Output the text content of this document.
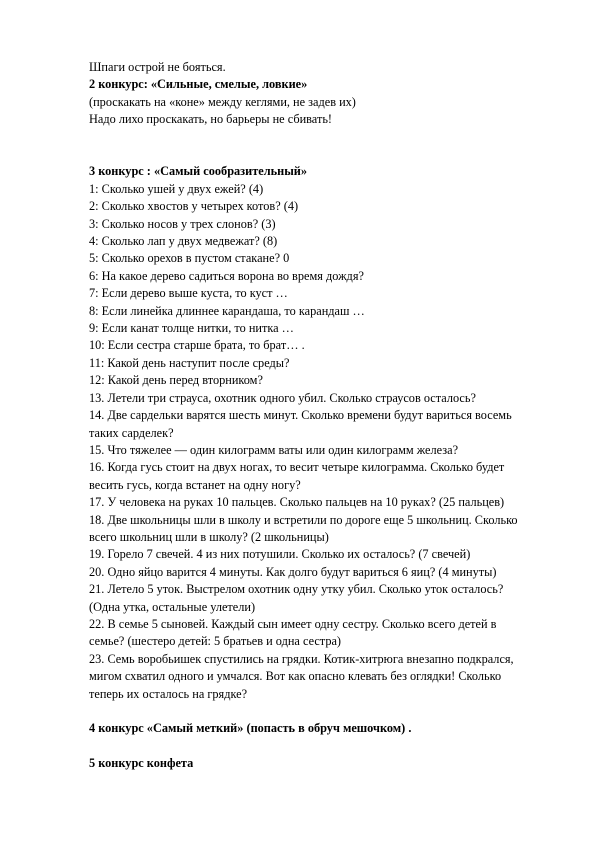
Шпаги острой не бояться.
2 конкурс: «Сильные, смелые, ловкие»
(проскакать на «коне» между кеглями, не задев их)
Надо лихо проскакать, но барьеры не сбивать!
3 конкурс : «Самый сообразительный»
1: Сколько ушей у двух ежей? (4)
2: Сколько хвостов у четырех котов? (4)
3: Сколько носов у трех слонов? (3)
4: Сколько лап у двух медвежат? (8)
5: Сколько орехов в пустом стакане? 0
6: На какое дерево садиться ворона во время дождя?
7: Если дерево выше куста, то куст …
8: Если линейка длиннее карандаша, то карандаш …
9: Если канат толще нитки, то нитка …
10: Если сестра старше брата, то брат… .
11: Какой день наступит после среды?
12: Какой день перед вторником?
13. Летели три страуса, охотник одного убил. Сколько страусов осталось?
14. Две сардельки варятся шесть минут. Сколько времени будут вариться восемь таких сарделек?
15. Что тяжелее — один килограмм ваты или один килограмм железа?
16. Когда гусь стоит на двух ногах, то весит четыре килограмма. Сколько будет весить гусь, когда встанет на одну ногу?
17. У человека на руках 10 пальцев. Сколько пальцев на 10 руках? (25 пальцев)
18. Две школьницы шли в школу и встретили по дороге еще 5 школьниц. Сколько всего школьниц шли в школу? (2 школьницы)
19. Горело 7 свечей. 4 из них потушили. Сколько их осталось? (7 свечей)
20. Одно яйцо варится 4 минуты. Как долго будут вариться 6 яиц? (4 минуты)
21. Летело 5 уток. Выстрелом охотник одну утку убил. Сколько уток осталось? (Одна утка, остальные улетели)
22. В семье 5 сыновей. Каждый сын имеет одну сестру. Сколько всего детей в семье? (шестеро детей: 5 братьев и одна сестра)
23. Семь воробьишек спустились на грядки. Котик-хитрюга внезапно подкрался, мигом схватил одного и умчался. Вот как опасно клевать без оглядки! Сколько теперь их осталось на грядке?
4 конкурс «Самый меткий» (попасть в обруч мешочком) .
5 конкурс конфета
